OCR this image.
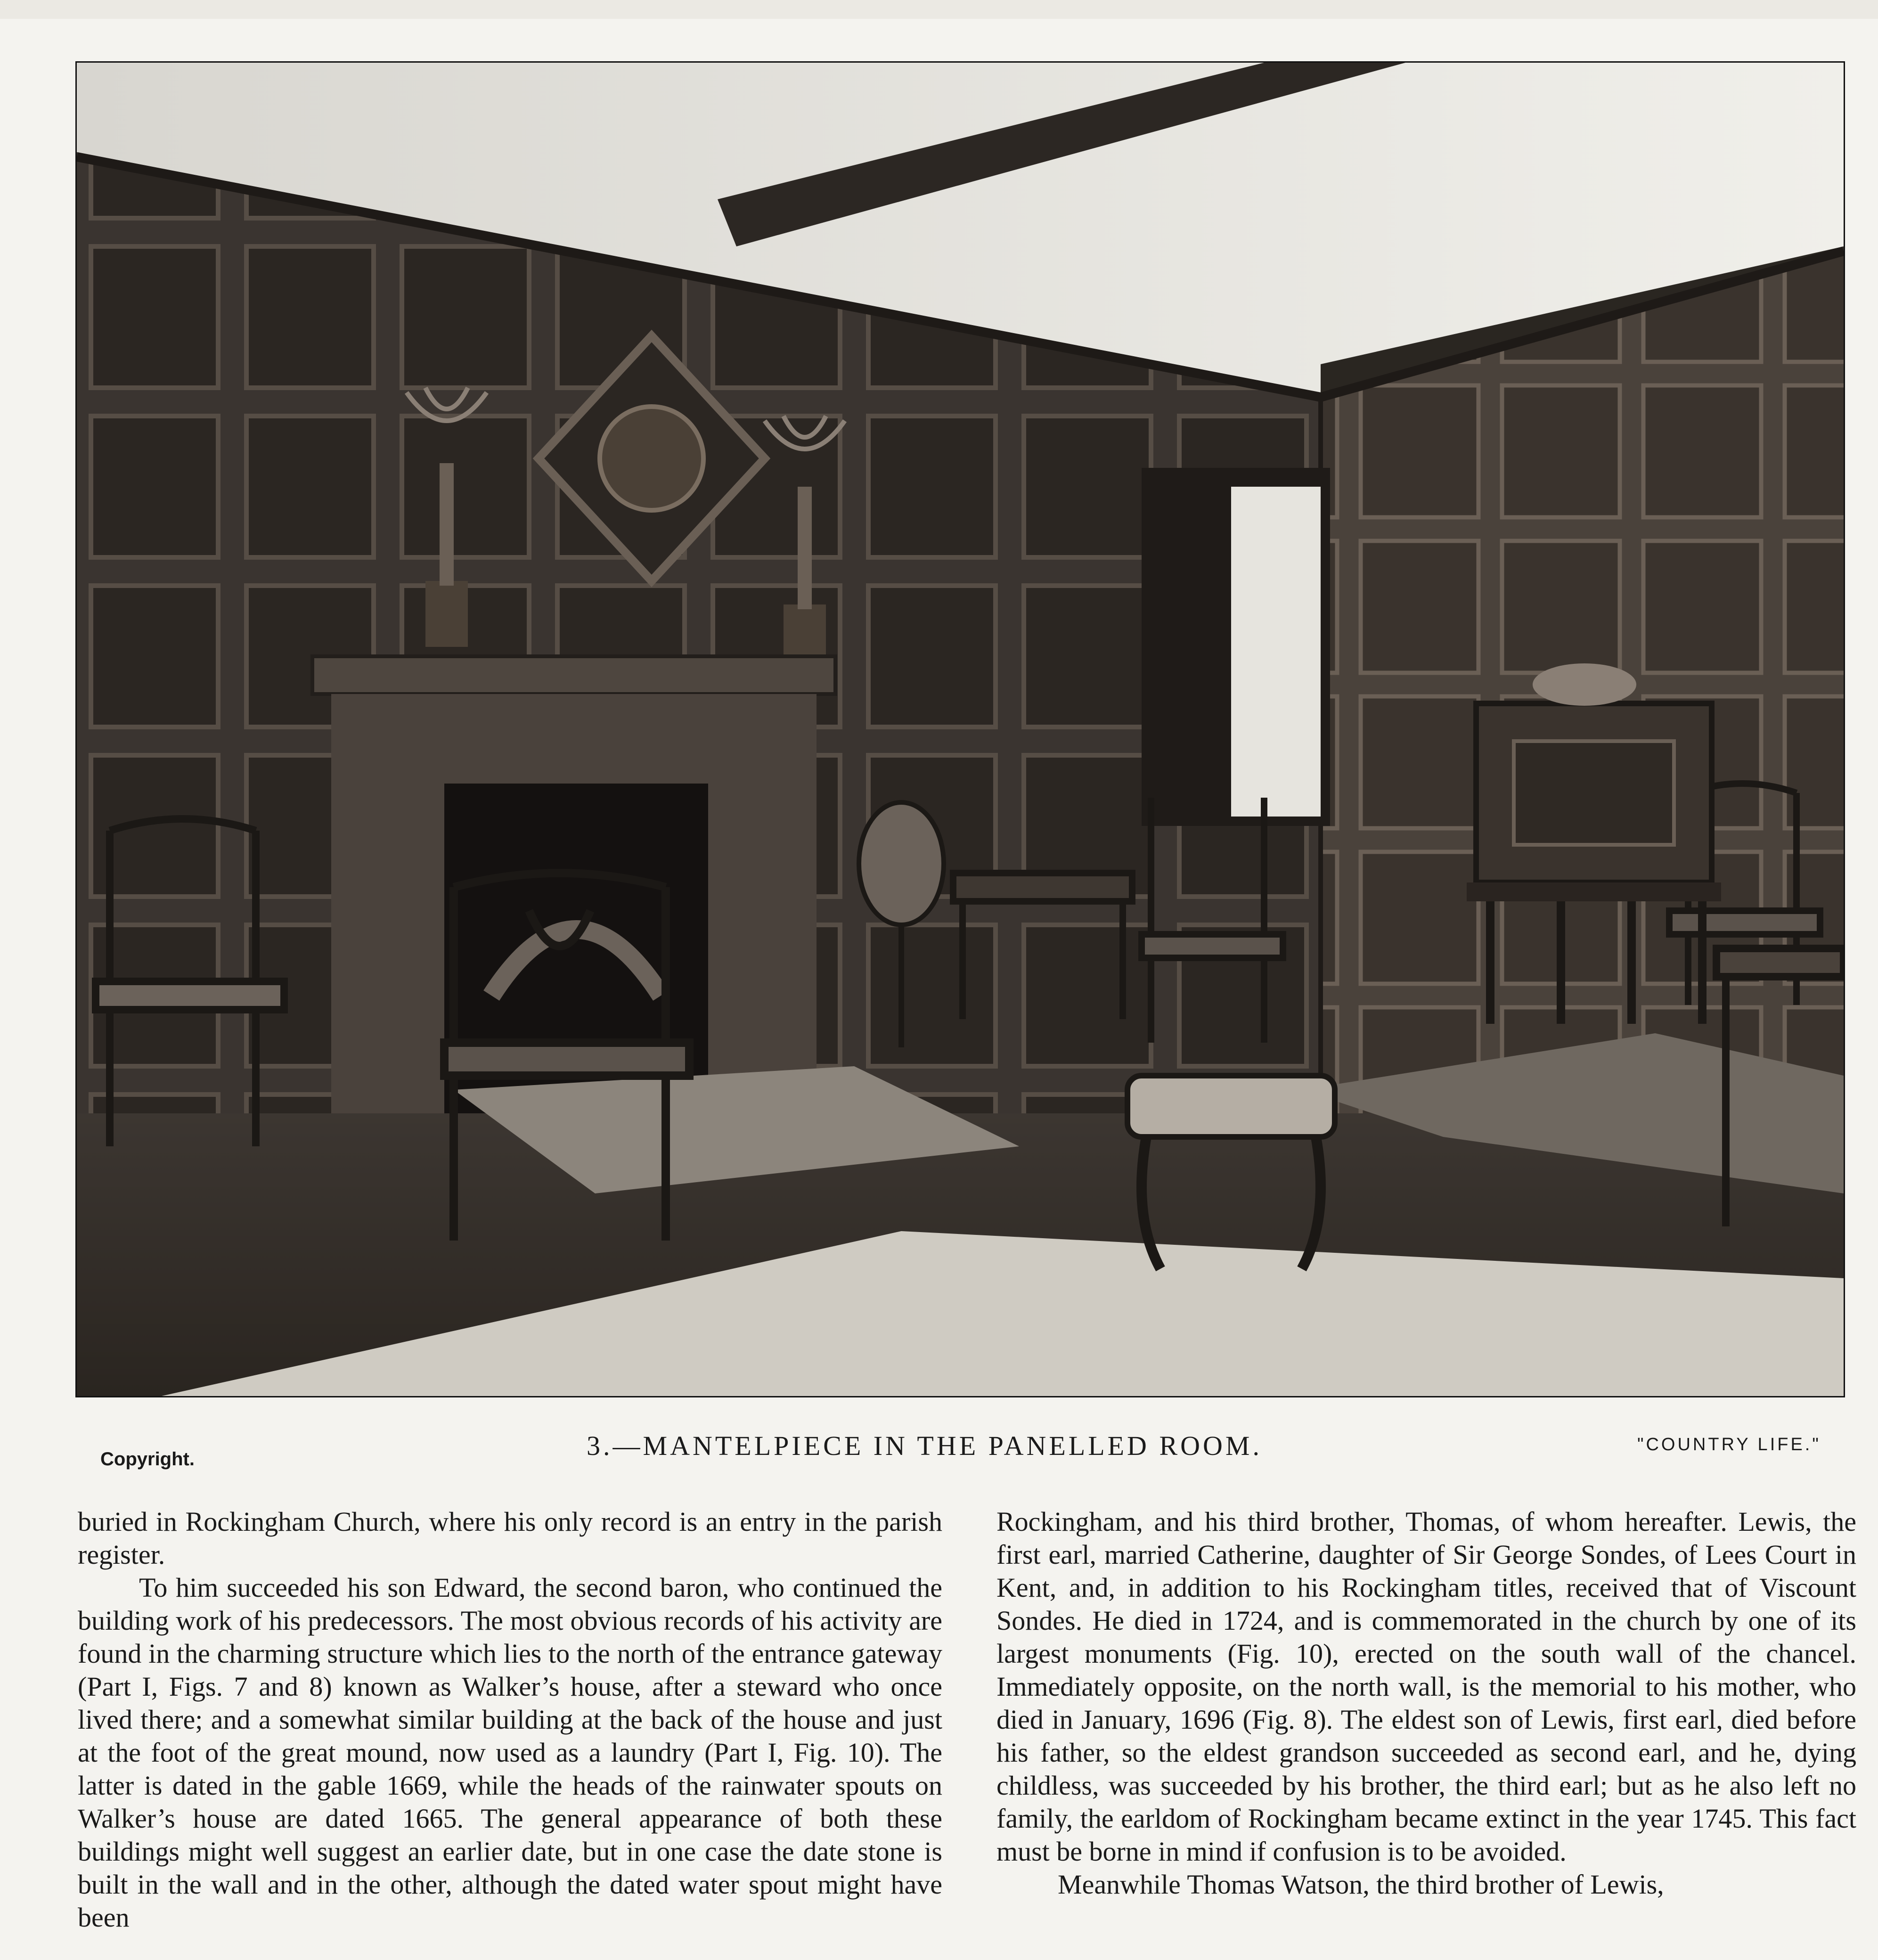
Copyright.	3.—MANTELPIECE IN THE PANELLED ROOM.	"COUNTRY LIFE."

buried in Rockingham Church, where his only record is an entry in the parish register.

To him succeeded his son Edward, the second baron, who continued the building work of his predecessors. The most obvious records of his activity are found in the charming structure which lies to the north of the entrance gateway (Part I, Figs. 7 and 8) known as Walker’s house, after a steward who once lived there; and a somewhat similar building at the back of the house and just at the foot of the great mound, now used as a laundry (Part I, Fig. 10). The latter is dated in the gable 1669, while the heads of the rainwater spouts on Walker’s house are dated 1665. The general appearance of both these buildings might well suggest an earlier date, but in one case the date stone is built in the wall and in the other, although the dated water spout might have been

Rockingham, and his third brother, Thomas, of whom hereafter. Lewis, the first earl, married Catherine, daughter of Sir George Sondes, of Lees Court in Kent, and, in addition to his Rockingham titles, received that of Viscount Sondes. He died in 1724, and is commemorated in the church by one of its largest monuments (Fig. 10), erected on the south wall of the chancel. Immediately opposite, on the north wall, is the memorial to his mother, who died in January, 1696 (Fig. 8). The eldest son of Lewis, first earl, died before his father, so the eldest grandson succeeded as second earl, and he, dying childless, was succeeded by his brother, the third earl; but as he also left no family, the earldom of Rockingham became extinct in the year 1745. This fact must be borne in mind if confusion is to be avoided.

Meanwhile Thomas Watson, the third brother of Lewis,
